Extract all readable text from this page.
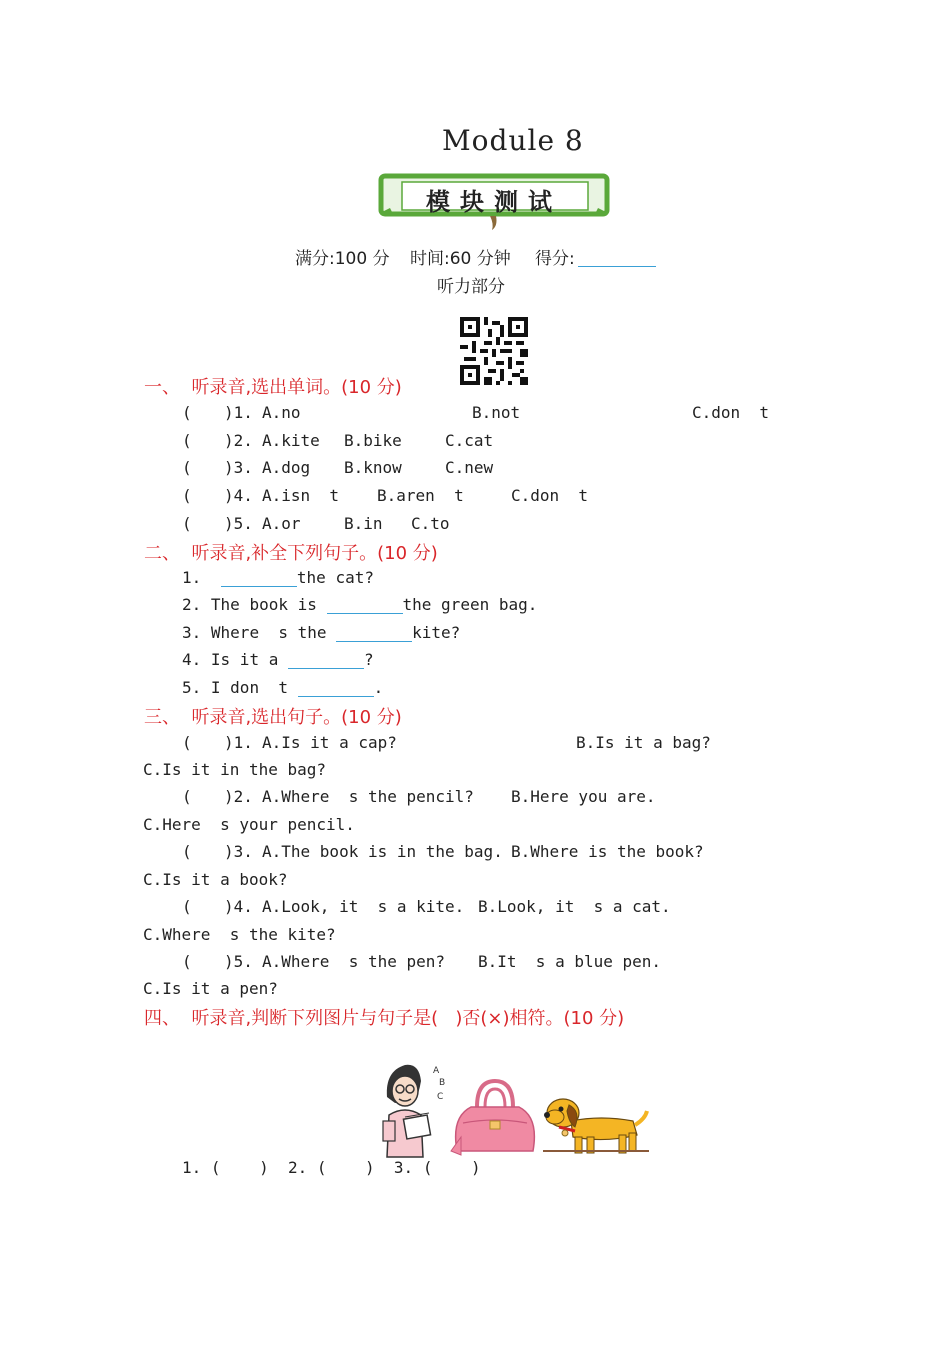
Module 8
模块测试
满分:100 分 时间:60 分钟 得分:
听力部分

一、  听录音,选出单词。(10 分)
( )1. A.no	B.not	C.don  t
( )2. A.kite B.bike	C.cat
( )3. A.dog B.know	C.new
( )4. A.isn  t B.aren  t	C.don  t
( )5. A.or	B.in C.to
二、  听录音,补全下列句子。(10 分)
1.	the cat?
2. The book is	the green bag.
3. Where  s the	kite?
4. Is it a	?
5. I don  t	.
三、  听录音,选出句子。(10 分)
( )1. A.Is it a cap?	B.Is it a bag?
C.Is it in the bag?
( )2. A.Where  s the pencil? B.Here you are.
C.Here  s your pencil.
( )3. A.The book is in the bag. B.Where is the book?
C.Is it a book?
( )4. A.Look, it  s a kite. B.Look, it  s a cat.
C.Where  s the kite?
( )5. A.Where  s the pen? B.It  s a blue pen.
C.Is it a pen?
四、  听录音,判断下列图片与句子是(   )否(×)相符。(10 分)

A
B
C

1. (    )  2. (    )  3. (    )
